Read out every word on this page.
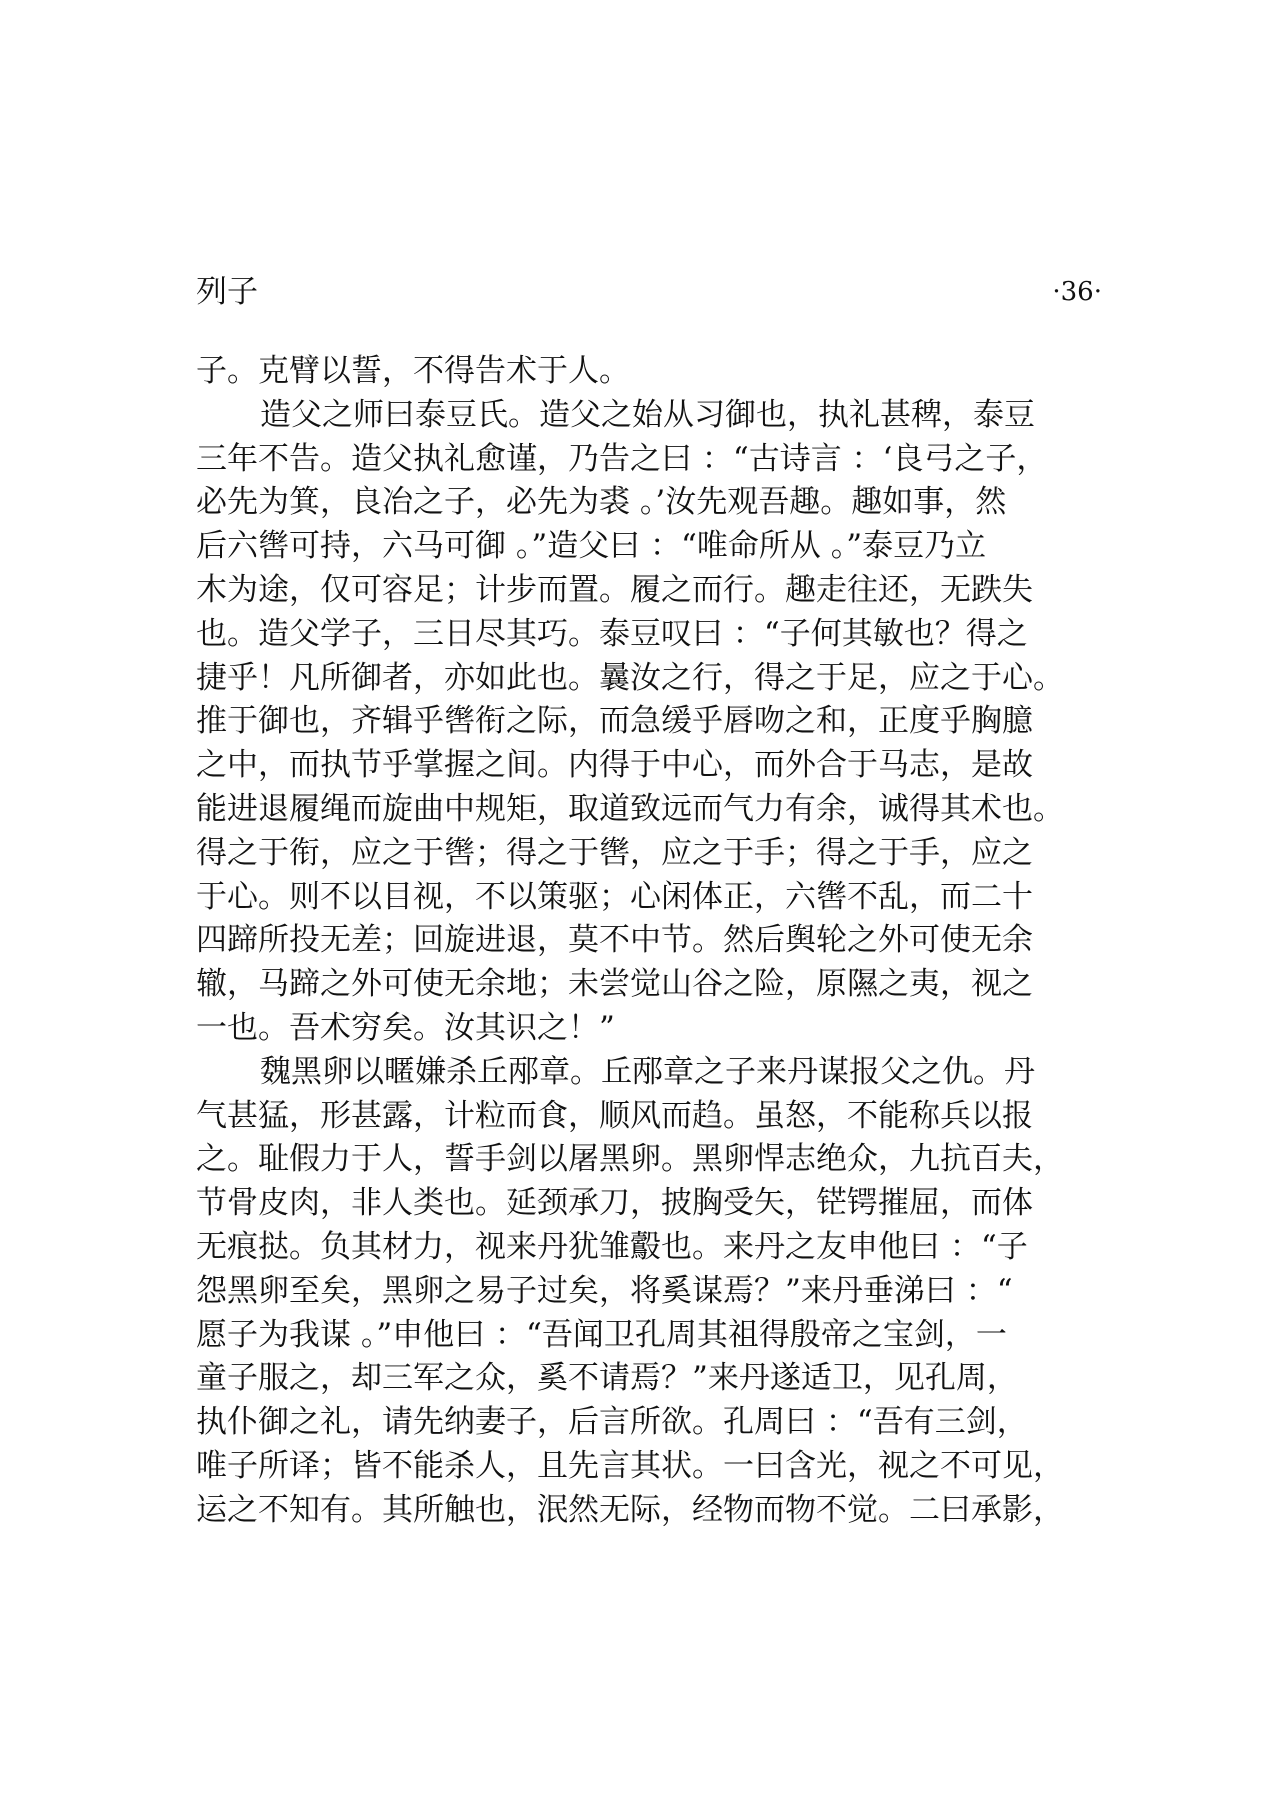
列子	·36·
子。克臂以誓，不得告术于人。
造父之师曰泰豆氏。造父之始从习御也，执礼甚稗，泰豆
三年不告。造父执礼愈谨，乃告之曰 ：“古诗言 ：‘良弓之子，
必先为箕，良冶之子，必先为裘 。’汝先观吾趣。趣如事，然
后六辔可持，六马可御 。”造父曰 ：“唯命所从 。”泰豆乃立
木为途，仅可容足；计步而置。履之而行。趣走往还，无跌失
也。造父学子，三日尽其巧。泰豆叹曰 ：“子何其敏也？得之
捷乎！凡所御者，亦如此也。曩汝之行，得之于足，应之于心。
推于御也，齐辑乎辔衔之际，而急缓乎唇吻之和，正度乎胸臆
之中，而执节乎掌握之间。内得于中心，而外合于马志，是故
能进退履绳而旋曲中规矩，取道致远而气力有余，诚得其术也。
得之于衔，应之于辔；得之于辔，应之于手；得之于手，应之
于心。则不以目视，不以策驱；心闲体正，六辔不乱，而二十
四蹄所投无差；回旋进退，莫不中节。然后舆轮之外可使无余
辙，马蹄之外可使无余地；未尝觉山谷之险，原隰之夷，视之
一也。吾术穷矣。汝其识之！”
魏黑卵以暱嫌杀丘邴章。丘邴章之子来丹谋报父之仇。丹
气甚猛，形甚露，计粒而食，顺风而趋。虽怒，不能称兵以报
之。耻假力于人，誓手剑以屠黑卵。黑卵悍志绝众，九抗百夫，
节骨皮肉，非人类也。延颈承刀，披胸受矢，铓锷摧屈，而体
无痕挞。负其材力，视来丹犹雏鷇也。来丹之友申他曰 ：“子
怨黑卵至矣，黑卵之易子过矣，将奚谋焉？”来丹垂涕曰 ：“
愿子为我谋 。”申他曰 ：“吾闻卫孔周其祖得殷帝之宝剑，一
童子服之，却三军之众，奚不请焉？”来丹遂适卫，见孔周，
执仆御之礼，请先纳妻子，后言所欲。孔周曰 ：“吾有三剑，
唯子所译；皆不能杀人，且先言其状。一曰含光，视之不可见，
运之不知有。其所触也，泯然无际，经物而物不觉。二曰承影，
